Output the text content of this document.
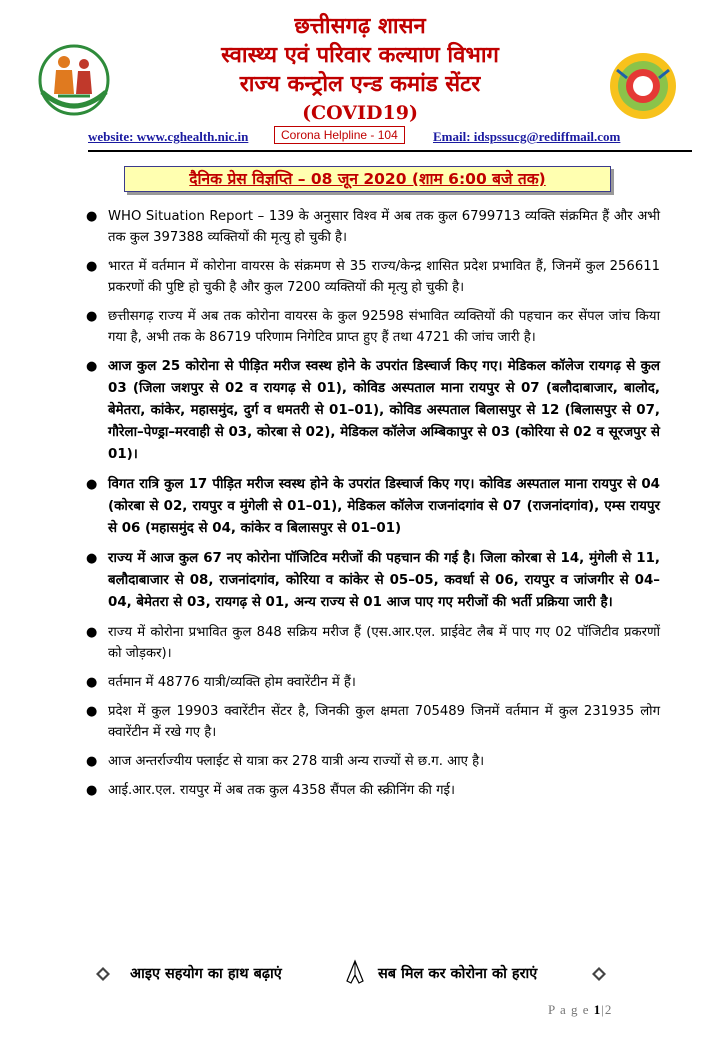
छत्तीसगढ़ शासन
स्वास्थ्य एवं परिवार कल्याण विभाग
राज्य कन्ट्रोल एन्ड कमांड सेंटर
(COVID19)
website: www.cghealth.nic.in	Corona Helpline - 104	Email: idspssucg@rediffmail.com
दैनिक प्रेस विज्ञप्ति – 08 जून 2020 (शाम 6:00 बजे तक)
● WHO Situation Report – 139 के अनुसार विश्व में अब तक कुल 6799713 व्यक्ति संक्रमित हैं और अभी तक कुल 397388 व्यक्तियों की मृत्यु हो चुकी है।
● भारत में वर्तमान में कोरोना वायरस के संक्रमण से 35 राज्य/केन्द्र शासित प्रदेश प्रभावित हैं, जिनमें कुल 256611 प्रकरणों की पुष्टि हो चुकी है और कुल 7200 व्यक्तियों की मृत्यु हो चुकी है।
● छत्तीसगढ़ राज्य में अब तक कोरोना वायरस के कुल 92598 संभावित व्यक्तियों की पहचान कर सेंपल जांच किया गया है, अभी तक के 86719 परिणाम निगेटिव प्राप्त हुए हैं तथा 4721 की जांच जारी है।
● आज कुल 25 कोरोना से पीड़ित मरीज स्वस्थ होने के उपरांत डिस्चार्ज किए गए। मेडिकल कॉलेज रायगढ़ से कुल 03 (जिला जशपुर से 02 व रायगढ़ से 01), कोविड अस्पताल माना रायपुर से 07 (बलौदाबाजार, बालोद, बेमेतरा, कांकेर, महासमुंद, दुर्ग व धमतरी से 01–01), कोविड अस्पताल बिलासपुर से 12 (बिलासपुर से 07, गौरेला–पेण्ड्रा–मरवाही से 03, कोरबा से 02), मेडिकल कॉलेज अम्बिकापुर से 03 (कोरिया से 02 व सूरजपुर से 01)।
● विगत रात्रि कुल 17 पीड़ित मरीज स्वस्थ होने के उपरांत डिस्चार्ज किए गए। कोविड अस्पताल माना रायपुर से 04 (कोरबा से 02, रायपुर व मुंगेली से 01–01), मेडिकल कॉलेज राजनांदगांव से 07 (राजनांदगांव), एम्स रायपुर से 06 (महासमुंद से 04, कांकेर व बिलासपुर से 01–01)
● राज्य में आज कुल 67 नए कोरोना पॉजिटिव मरीजों की पहचान की गई है। जिला कोरबा से 14, मुंगेली से 11, बलौदाबाजार से 08, राजनांदगांव, कोरिया व कांकेर से 05–05, कवर्धा से 06, रायपुर व जांजगीर से 04–04, बेमेतरा से 03, रायगढ़ से 01, अन्य राज्य से 01 आज पाए गए मरीजों की भर्ती प्रक्रिया जारी है।
● राज्य में कोरोना प्रभावित कुल 848 सक्रिय मरीज हैं (एस.आर.एल. प्राईवेट लैब में पाए गए 02 पॉजिटीव प्रकरणों को जोड़कर)।
● वर्तमान में 48776 यात्री/व्यक्ति होम क्वारेंटीन में हैं।
● प्रदेश में कुल 19903 क्वारेंटीन सेंटर है, जिनकी कुल क्षमता 705489 जिनमें वर्तमान में कुल 231935 लोग क्वारेंटीन में रखे गए है।
● आज अन्तर्राज्यीय फ्लाईट से यात्रा कर 278 यात्री अन्य राज्यों से छ.ग. आए है।
● आई.आर.एल. रायपुर में अब तक कुल 4358 सैंपल की स्क्रीनिंग की गई।
आइए सहयोग का हाथ बढ़ाएं	सब मिल कर कोरोना को हराएं
P a g e 1|2
